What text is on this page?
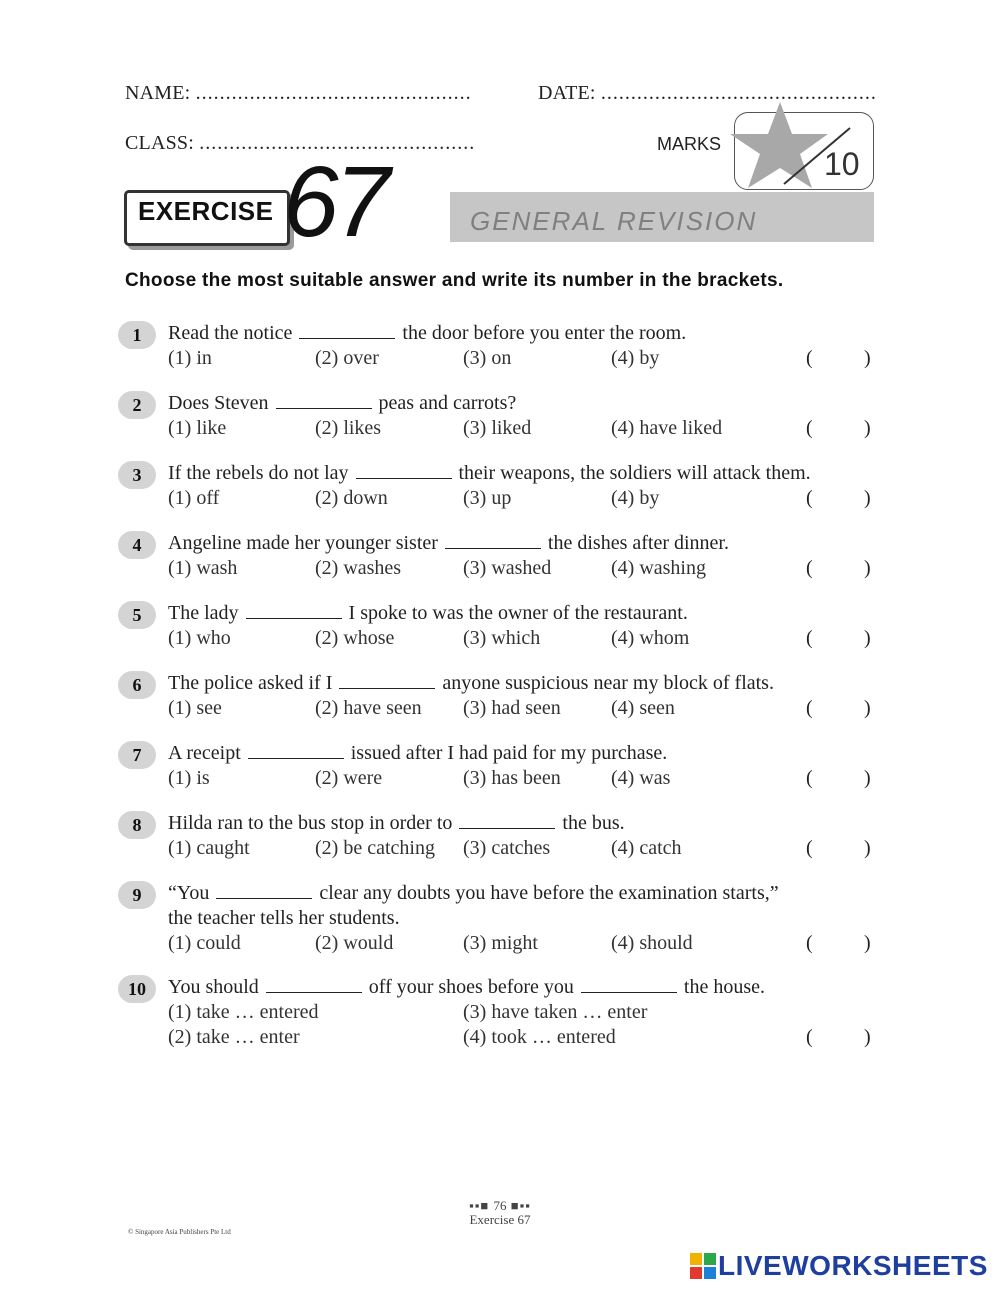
NAME: ..............................................	DATE: ..............................................
CLASS: ..............................................	MARKS
10
EXERCISE 67	GENERAL REVISION
Choose the most suitable answer and write its number in the brackets.
1	Read the notice	the door before you enter the room.
(1) in	(2) over	(3) on	(4) by	(	)
2	Does Steven	peas and carrots?
(1) like	(2) likes	(3) liked	(4) have liked	(	)
3	If the rebels do not lay	their weapons, the soldiers will attack them.
(1) off	(2) down	(3) up	(4) by	(	)
4	Angeline made her younger sister	the dishes after dinner.
(1) wash	(2) washes	(3) washed	(4) washing	(	)
5	The lady	I spoke to was the owner of the restaurant.
(1) who	(2) whose	(3) which	(4) whom	(	)
6	The police asked if I	anyone suspicious near my block of flats.
(1) see	(2) have seen (3) had seen	(4) seen	(	)
7	A receipt	issued after I had paid for my purchase.
(1) is	(2) were	(3) has been	(4) was	(	)
8	Hilda ran to the bus stop in order to	the bus.
(1) caught	(2) be catching (3) catches	(4) catch	(	)
9	“You	clear any doubts you have before the examination starts,”
the teacher tells her students.
(1) could	(2) would	(3) might	(4) should	(	)
10	You should	off your shoes before you	the house.
(1) take … entered	(3) have taken … enter
(2) take … enter	(4) took … entered	(	)
▪▪■ 76 ■▪▪
Exercise 67
© Singapore Asia Publishers Pte Ltd
LIVEWORKSHEETS
